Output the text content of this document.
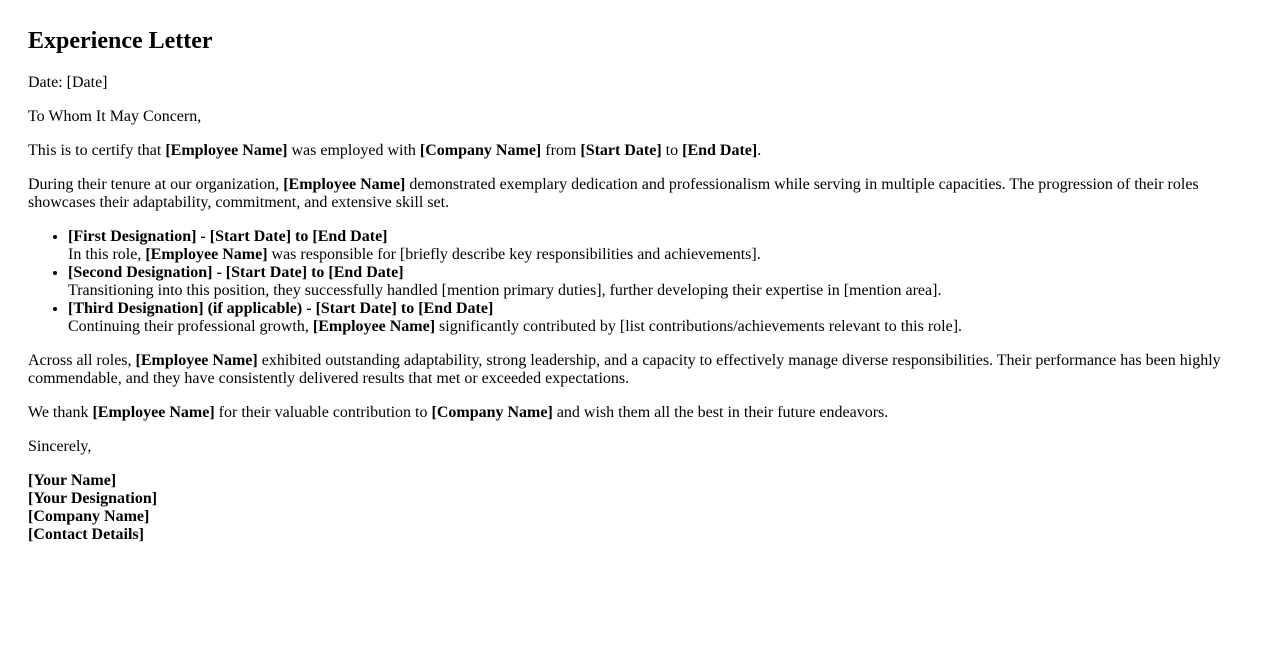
Experience Letter

Date: [Date]

To Whom It May Concern,

This is to certify that [Employee Name] was employed with [Company Name] from [Start Date] to [End Date].

During their tenure at our organization, [Employee Name] demonstrated exemplary dedication and professionalism while serving in multiple capacities. The progression of their roles showcases their adaptability, commitment, and extensive skill set.

• [First Designation] - [Start Date] to [End Date]
In this role, [Employee Name] was responsible for [briefly describe key responsibilities and achievements].
• [Second Designation] - [Start Date] to [End Date]
Transitioning into this position, they successfully handled [mention primary duties], further developing their expertise in [mention area].
• [Third Designation] (if applicable) - [Start Date] to [End Date]
Continuing their professional growth, [Employee Name] significantly contributed by [list contributions/achievements relevant to this role].

Across all roles, [Employee Name] exhibited outstanding adaptability, strong leadership, and a capacity to effectively manage diverse responsibilities. Their performance has been highly commendable, and they have consistently delivered results that met or exceeded expectations.

We thank [Employee Name] for their valuable contribution to [Company Name] and wish them all the best in their future endeavors.

Sincerely,

[Your Name]
[Your Designation]
[Company Name]
[Contact Details]
